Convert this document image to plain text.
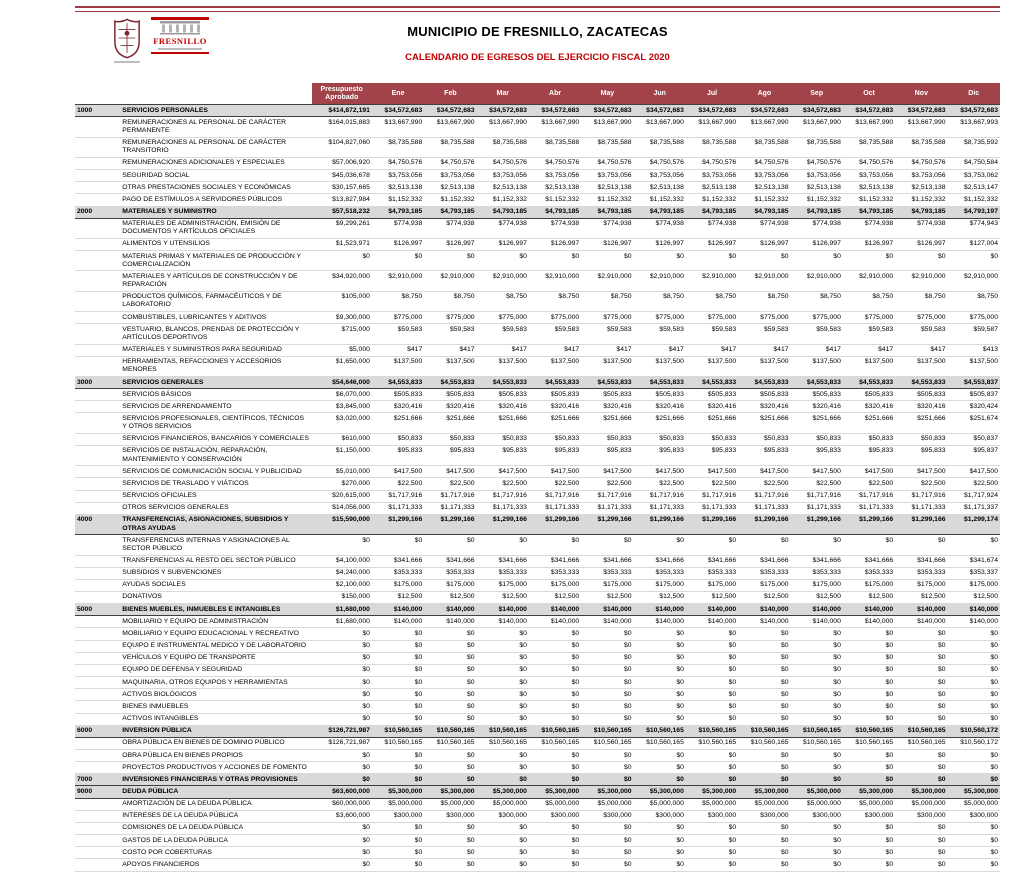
FRESNILLO
MUNICIPIO DE FRESNILLO, ZACATECAS
CALENDARIO DE EGRESOS DEL EJERCICIO FISCAL 2020
		Presupuesto Aprobado	Ene	Feb	Mar	Abr	May	Jun	Jul	Ago	Sep	Oct	Nov	Dic
1000	SERVICIOS PERSONALES	$414,872,191	$34,572,683	$34,572,683	$34,572,683	$34,572,683	$34,572,683	$34,572,683	$34,572,683	$34,572,683	$34,572,683	$34,572,683	$34,572,683	$34,572,683
	REMUNERACIONES AL PERSONAL DE CARÁCTER PERMANENTE	$164,015,883	$13,667,990	$13,667,990	$13,667,990	$13,667,990	$13,667,990	$13,667,990	$13,667,990	$13,667,990	$13,667,990	$13,667,990	$13,667,990	$13,667,993
	REMUNERACIONES AL PERSONAL DE CARÁCTER TRANSITORIO	$104,827,060	$8,735,588	$8,735,588	$8,735,588	$8,735,588	$8,735,588	$8,735,588	$8,735,588	$8,735,588	$8,735,588	$8,735,588	$8,735,588	$8,735,592
	REMUNERACIONES ADICIONALES Y ESPECIALES	$57,006,920	$4,750,576	$4,750,576	$4,750,576	$4,750,576	$4,750,576	$4,750,576	$4,750,576	$4,750,576	$4,750,576	$4,750,576	$4,750,576	$4,750,584
	SEGURIDAD SOCIAL	$45,036,678	$3,753,056	$3,753,056	$3,753,056	$3,753,056	$3,753,056	$3,753,056	$3,753,056	$3,753,056	$3,753,056	$3,753,056	$3,753,056	$3,753,062
	OTRAS PRESTACIONES SOCIALES Y ECONÓMICAS	$30,157,665	$2,513,138	$2,513,138	$2,513,138	$2,513,138	$2,513,138	$2,513,138	$2,513,138	$2,513,138	$2,513,138	$2,513,138	$2,513,138	$2,513,147
	PAGO DE ESTÍMULOS A SERVIDORES PÚBLICOS	$13,827,984	$1,152,332	$1,152,332	$1,152,332	$1,152,332	$1,152,332	$1,152,332	$1,152,332	$1,152,332	$1,152,332	$1,152,332	$1,152,332	$1,152,332
2000	MATERIALES Y SUMINISTRO	$57,518,232	$4,793,185	$4,793,185	$4,793,185	$4,793,185	$4,793,185	$4,793,185	$4,793,185	$4,793,185	$4,793,185	$4,793,185	$4,793,185	$4,793,197
	MATERIALES DE ADMINISTRACIÓN, EMISIÓN DE DOCUMENTOS Y ARTÍCULOS OFICIALES	$9,299,261	$774,938	$774,938	$774,938	$774,938	$774,938	$774,938	$774,938	$774,938	$774,938	$774,938	$774,938	$774,943
	ALIMENTOS Y UTENSILIOS	$1,523,971	$126,997	$126,997	$126,997	$126,997	$126,997	$126,997	$126,997	$126,997	$126,997	$126,997	$126,997	$127,004
	MATERIAS PRIMAS Y MATERIALES DE PRODUCCIÓN Y COMERCIALIZACIÓN	$0	$0	$0	$0	$0	$0	$0	$0	$0	$0	$0	$0	$0
	MATERIALES Y ARTÍCULOS DE CONSTRUCCIÓN Y DE REPARACIÓN	$34,920,000	$2,910,000	$2,910,000	$2,910,000	$2,910,000	$2,910,000	$2,910,000	$2,910,000	$2,910,000	$2,910,000	$2,910,000	$2,910,000	$2,910,000
	PRODUCTOS QUÍMICOS, FARMACÉUTICOS Y DE LABORATORIO	$105,000	$8,750	$8,750	$8,750	$8,750	$8,750	$8,750	$8,750	$8,750	$8,750	$8,750	$8,750	$8,750
	COMBUSTIBLES, LUBRICANTES Y ADITIVOS	$9,300,000	$775,000	$775,000	$775,000	$775,000	$775,000	$775,000	$775,000	$775,000	$775,000	$775,000	$775,000	$775,000
	VESTUARIO, BLANCOS, PRENDAS DE PROTECCIÓN Y ARTÍCULOS DEPORTIVOS	$715,000	$59,583	$59,583	$59,583	$59,583	$59,583	$59,583	$59,583	$59,583	$59,583	$59,583	$59,583	$59,587
	MATERIALES Y SUMINISTROS PARA SEGURIDAD	$5,000	$417	$417	$417	$417	$417	$417	$417	$417	$417	$417	$417	$413
	HERRAMIENTAS, REFACCIONES Y ACCESORIOS MENORES	$1,650,000	$137,500	$137,500	$137,500	$137,500	$137,500	$137,500	$137,500	$137,500	$137,500	$137,500	$137,500	$137,500
3000	SERVICIOS GENERALES	$54,646,000	$4,553,833	$4,553,833	$4,553,833	$4,553,833	$4,553,833	$4,553,833	$4,553,833	$4,553,833	$4,553,833	$4,553,833	$4,553,833	$4,553,837
	SERVICIOS BÁSICOS	$6,070,000	$505,833	$505,833	$505,833	$505,833	$505,833	$505,833	$505,833	$505,833	$505,833	$505,833	$505,833	$505,837
	SERVICIOS DE ARRENDAMIENTO	$3,845,000	$320,416	$320,416	$320,416	$320,416	$320,416	$320,416	$320,416	$320,416	$320,416	$320,416	$320,416	$320,424
	SERVICIOS PROFESIONALES, CIENTÍFICOS, TÉCNICOS Y OTROS SERVICIOS	$3,020,000	$251,666	$251,666	$251,666	$251,666	$251,666	$251,666	$251,666	$251,666	$251,666	$251,666	$251,666	$251,674
	SERVICIOS FINANCIEROS, BANCARIOS Y COMERCIALES	$610,000	$50,833	$50,833	$50,833	$50,833	$50,833	$50,833	$50,833	$50,833	$50,833	$50,833	$50,833	$50,837
	SERVICIOS DE INSTALACIÓN, REPARACIÓN, MANTENIMIENTO Y CONSERVACIÓN	$1,150,000	$95,833	$95,833	$95,833	$95,833	$95,833	$95,833	$95,833	$95,833	$95,833	$95,833	$95,833	$95,837
	SERVICIOS DE COMUNICACIÓN SOCIAL Y PUBLICIDAD	$5,010,000	$417,500	$417,500	$417,500	$417,500	$417,500	$417,500	$417,500	$417,500	$417,500	$417,500	$417,500	$417,500
	SERVICIOS DE TRASLADO Y VIÁTICOS	$270,000	$22,500	$22,500	$22,500	$22,500	$22,500	$22,500	$22,500	$22,500	$22,500	$22,500	$22,500	$22,500
	SERVICIOS OFICIALES	$20,615,000	$1,717,916	$1,717,916	$1,717,916	$1,717,916	$1,717,916	$1,717,916	$1,717,916	$1,717,916	$1,717,916	$1,717,916	$1,717,916	$1,717,924
	OTROS SERVICIOS GENERALES	$14,056,000	$1,171,333	$1,171,333	$1,171,333	$1,171,333	$1,171,333	$1,171,333	$1,171,333	$1,171,333	$1,171,333	$1,171,333	$1,171,333	$1,171,337
4000	TRANSFERENCIAS, ASIGNACIONES, SUBSIDIOS Y OTRAS AYUDAS	$15,590,000	$1,299,166	$1,299,166	$1,299,166	$1,299,166	$1,299,166	$1,299,166	$1,299,166	$1,299,166	$1,299,166	$1,299,166	$1,299,166	$1,299,174
	TRANSFERENCIAS INTERNAS Y ASIGNACIONES AL SECTOR PÚBLICO	$0	$0	$0	$0	$0	$0	$0	$0	$0	$0	$0	$0	$0
	TRANSFERENCIAS AL RESTO DEL SECTOR PÚBLICO	$4,100,000	$341,666	$341,666	$341,666	$341,666	$341,666	$341,666	$341,666	$341,666	$341,666	$341,666	$341,666	$341,674
	SUBSIDIOS Y SUBVENCIONES	$4,240,000	$353,333	$353,333	$353,333	$353,333	$353,333	$353,333	$353,333	$353,333	$353,333	$353,333	$353,333	$353,337
	AYUDAS SOCIALES	$2,100,000	$175,000	$175,000	$175,000	$175,000	$175,000	$175,000	$175,000	$175,000	$175,000	$175,000	$175,000	$175,000
	DONATIVOS	$150,000	$12,500	$12,500	$12,500	$12,500	$12,500	$12,500	$12,500	$12,500	$12,500	$12,500	$12,500	$12,500
5000	BIENES MUEBLES, INMUEBLES E INTANGIBLES	$1,680,000	$140,000	$140,000	$140,000	$140,000	$140,000	$140,000	$140,000	$140,000	$140,000	$140,000	$140,000	$140,000
	MOBILIARIO Y EQUIPO DE ADMINISTRACIÓN	$1,680,000	$140,000	$140,000	$140,000	$140,000	$140,000	$140,000	$140,000	$140,000	$140,000	$140,000	$140,000	$140,000
	MOBILIARIO Y EQUIPO EDUCACIONAL Y RECREATIVO	$0	$0	$0	$0	$0	$0	$0	$0	$0	$0	$0	$0	$0
	EQUIPO E INSTRUMENTAL MEDICO Y DE LABORATORIO	$0	$0	$0	$0	$0	$0	$0	$0	$0	$0	$0	$0	$0
	VEHÍCULOS Y EQUIPO DE TRANSPORTE	$0	$0	$0	$0	$0	$0	$0	$0	$0	$0	$0	$0	$0
	EQUIPO DE DEFENSA Y SEGURIDAD	$0	$0	$0	$0	$0	$0	$0	$0	$0	$0	$0	$0	$0
	MAQUINARIA, OTROS EQUIPOS Y HERRAMIENTAS	$0	$0	$0	$0	$0	$0	$0	$0	$0	$0	$0	$0	$0
	ACTIVOS BIOLÓGICOS	$0	$0	$0	$0	$0	$0	$0	$0	$0	$0	$0	$0	$0
	BIENES INMUEBLES	$0	$0	$0	$0	$0	$0	$0	$0	$0	$0	$0	$0	$0
	ACTIVOS INTANGIBLES	$0	$0	$0	$0	$0	$0	$0	$0	$0	$0	$0	$0	$0
6000	INVERSION PÚBLICA	$126,721,987	$10,560,165	$10,560,165	$10,560,165	$10,560,165	$10,560,165	$10,560,165	$10,560,165	$10,560,165	$10,560,165	$10,560,165	$10,560,165	$10,560,172
	OBRA PÚBLICA EN BIENES DE DOMINIO PÚBLICO	$126,721,987	$10,560,165	$10,560,165	$10,560,165	$10,560,165	$10,560,165	$10,560,165	$10,560,165	$10,560,165	$10,560,165	$10,560,165	$10,560,165	$10,560,172
	OBRA PÚBLICA EN BIENES PROPIOS	$0	$0	$0	$0	$0	$0	$0	$0	$0	$0	$0	$0	$0
	PROYECTOS PRODUCTIVOS Y ACCIONES DE FOMENTO	$0	$0	$0	$0	$0	$0	$0	$0	$0	$0	$0	$0	$0
7000	INVERSIONES FINANCIERAS Y OTRAS PROVISIONES	$0	$0	$0	$0	$0	$0	$0	$0	$0	$0	$0	$0	$0
9000	DEUDA PÚBLICA	$63,600,000	$5,300,000	$5,300,000	$5,300,000	$5,300,000	$5,300,000	$5,300,000	$5,300,000	$5,300,000	$5,300,000	$5,300,000	$5,300,000	$5,300,000
	AMORTIZACIÓN DE LA DEUDA PÚBLICA	$60,000,000	$5,000,000	$5,000,000	$5,000,000	$5,000,000	$5,000,000	$5,000,000	$5,000,000	$5,000,000	$5,000,000	$5,000,000	$5,000,000	$5,000,000
	INTERESES DE LA DEUDA PÚBLICA	$3,600,000	$300,000	$300,000	$300,000	$300,000	$300,000	$300,000	$300,000	$300,000	$300,000	$300,000	$300,000	$300,000
	COMISIONES DE LA DEUDA PÚBLICA	$0	$0	$0	$0	$0	$0	$0	$0	$0	$0	$0	$0	$0
	GASTOS DE LA DEUDA PÚBLICA	$0	$0	$0	$0	$0	$0	$0	$0	$0	$0	$0	$0	$0
	COSTO POR COBERTURAS	$0	$0	$0	$0	$0	$0	$0	$0	$0	$0	$0	$0	$0
	APOYOS FINANCIEROS	$0	$0	$0	$0	$0	$0	$0	$0	$0	$0	$0	$0	$0
